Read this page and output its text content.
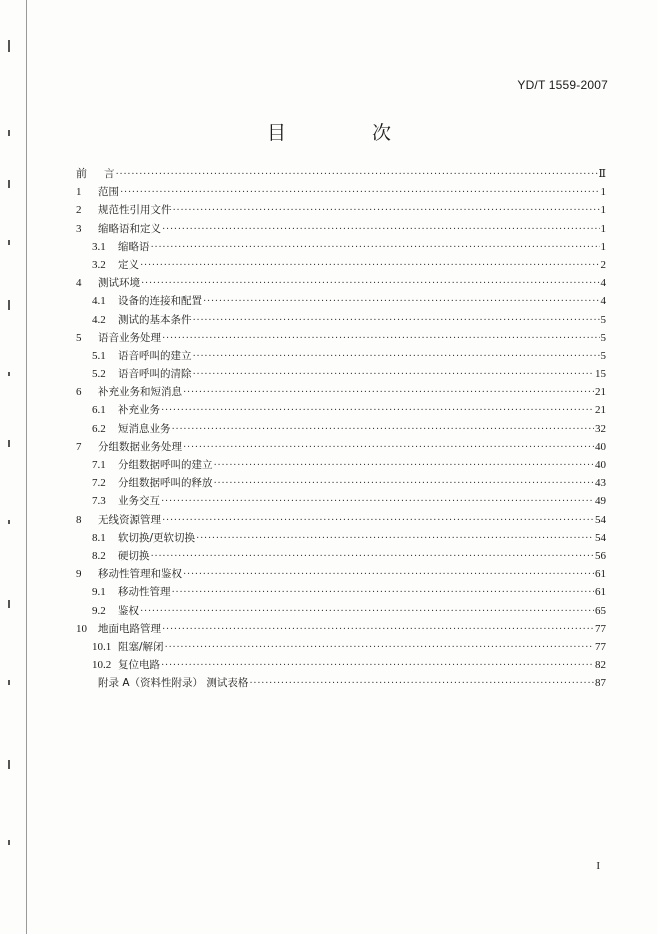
YD/T 1559-2007
目 次
前	言 ·····	Ⅱ
1	范围 ·····	1
2	规范性引用文件 ·····	1
3	缩略语和定义 ·····	1
3.1	缩略语 ·····	1
3.2	定义 ·····	2
4	测试环境 ·····	4
4.1	设备的连接和配置 ·····	4
4.2	测试的基本条件 ·····	5
5	语音业务处理 ·····	5
5.1	语音呼叫的建立 ·····	5
5.2	语音呼叫的清除 ·····	15
6	补充业务和短消息 ·····	21
6.1	补充业务 ·····	21
6.2	短消息业务 ·····	32
7	分组数据业务处理 ·····	40
7.1	分组数据呼叫的建立 ·····	40
7.2	分组数据呼叫的释放 ·····	43
7.3	业务交互 ·····	49
8	无线资源管理 ·····	54
8.1	软切换/更软切换 ·····	54
8.2	硬切换 ·····	56
9	移动性管理和鉴权 ·····	61
9.1	移动性管理 ·····	61
9.2	鉴权 ·····	65
10	地面电路管理 ·····	77
10.1 阻塞/解闭 ·····	77
10.2 复位电路 ·····	82
附录 A（资料性附录） 测试表格 ·····	87
I
